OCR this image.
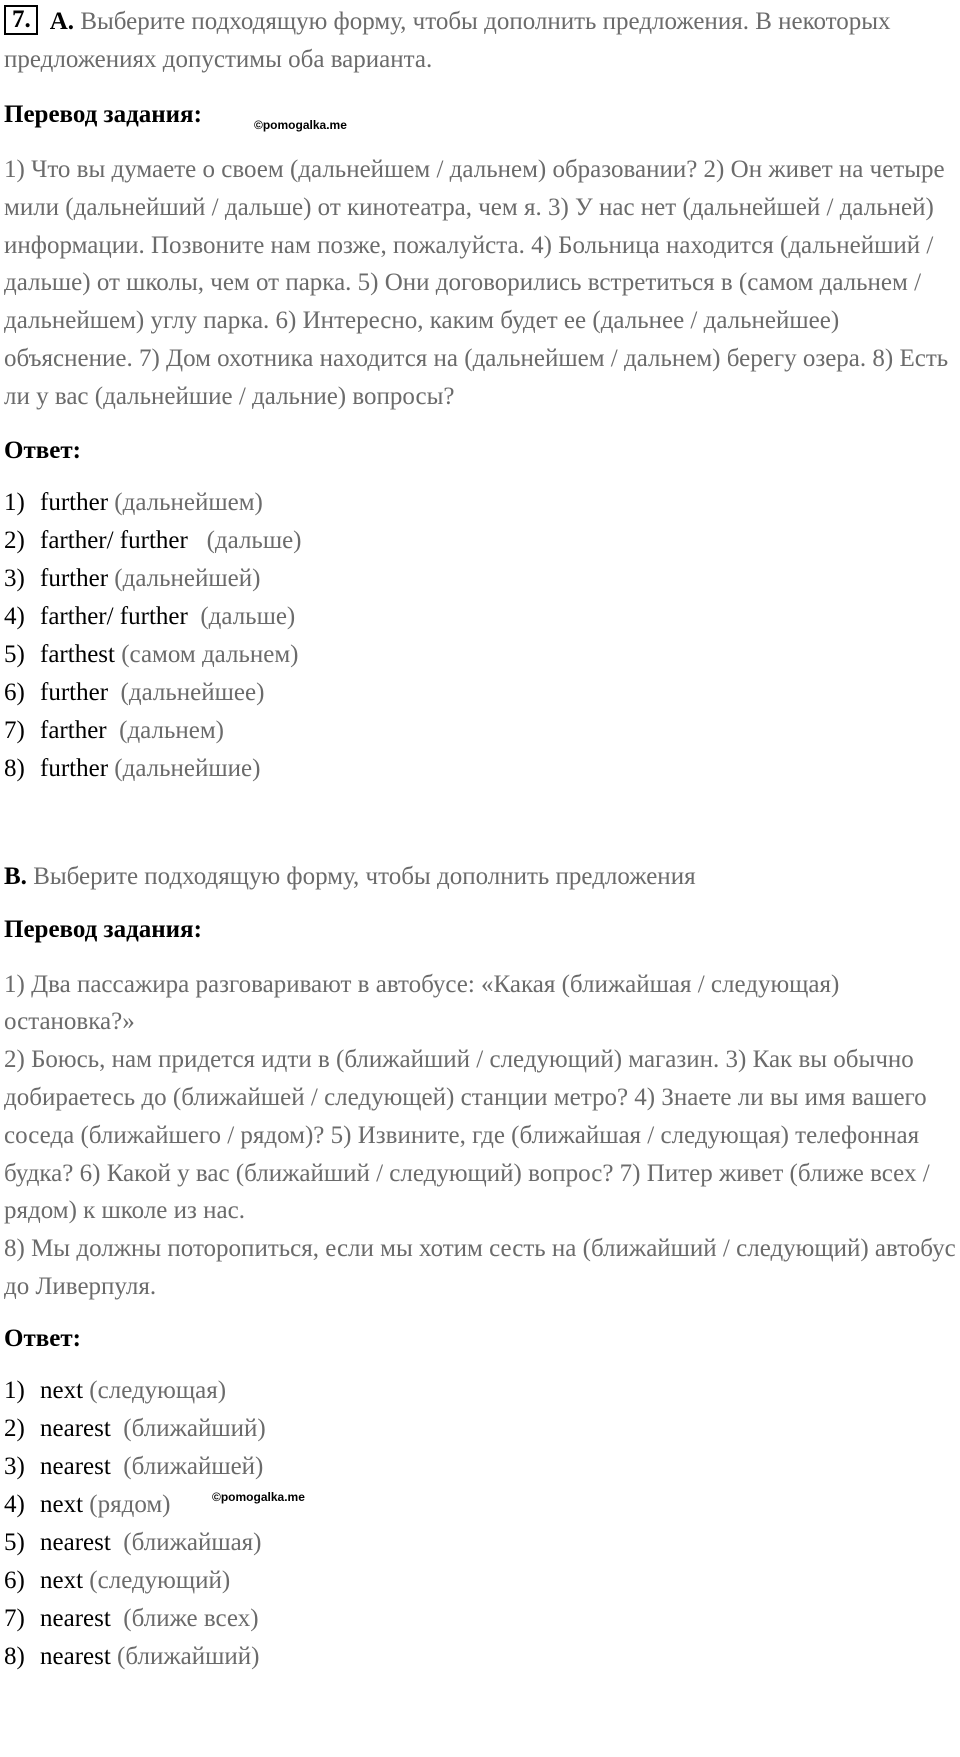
7. A. Выберите подходящую форму, чтобы дополнить предложения. В некоторых предложениях допустимы оба варианта.
Перевод задания:	©pomogalka.me
1) Что вы думаете о своем (дальнейшем / дальнем) образовании? 2) Он живет на четыре мили (дальнейший / дальше) от кинотеатра, чем я. 3) У нас нет (дальнейшей / дальней) информации. Позвоните нам позже, пожалуйста. 4) Больница находится (дальнейший / дальше) от школы, чем от парка. 5) Они договорились встретиться в (самом дальнем / дальнейшем) углу парка. 6) Интересно, каким будет ее (дальнее / дальнейшее) объяснение. 7) Дом охотника находится на (дальнейшем / дальнем) берегу озера. 8) Есть ли у вас (дальнейшие / дальние) вопросы?
Ответ:
1) further (дальнейшем)
2) farther/ further   (дальше)
3) further (дальнейшей)
4) farther/ further  (дальше)
5) farthest (самом дальнем)
6) further  (дальнейшее)
7) farther  (дальнем)
8) further (дальнейшие)
B. Выберите подходящую форму, чтобы дополнить предложения
Перевод задания:
1) Два пассажира разговаривают в автобусе: «Какая (ближайшая / следующая) остановка?»
2) Боюсь, нам придется идти в (ближайший / следующий) магазин. 3) Как вы обычно добираетесь до (ближайшей / следующей) станции метро? 4) Знаете ли вы имя вашего соседа (ближайшего / рядом)? 5) Извините, где (ближайшая / следующая) телефонная будка? 6) Какой у вас (ближайший / следующий) вопрос? 7) Питер живет (ближе всех / рядом) к школе из нас.
8) Мы должны поторопиться, если мы хотим сесть на (ближайший / следующий) автобус до Ливерпуля.
Ответ:
1) next (следующая)
2) nearest  (ближайший)
3) nearest  (ближайшей)
©pomogalka.me
4) next (рядом)
5) nearest  (ближайшая)
6) next (следующий)
7) nearest  (ближе всех)
8) nearest (ближайший)
